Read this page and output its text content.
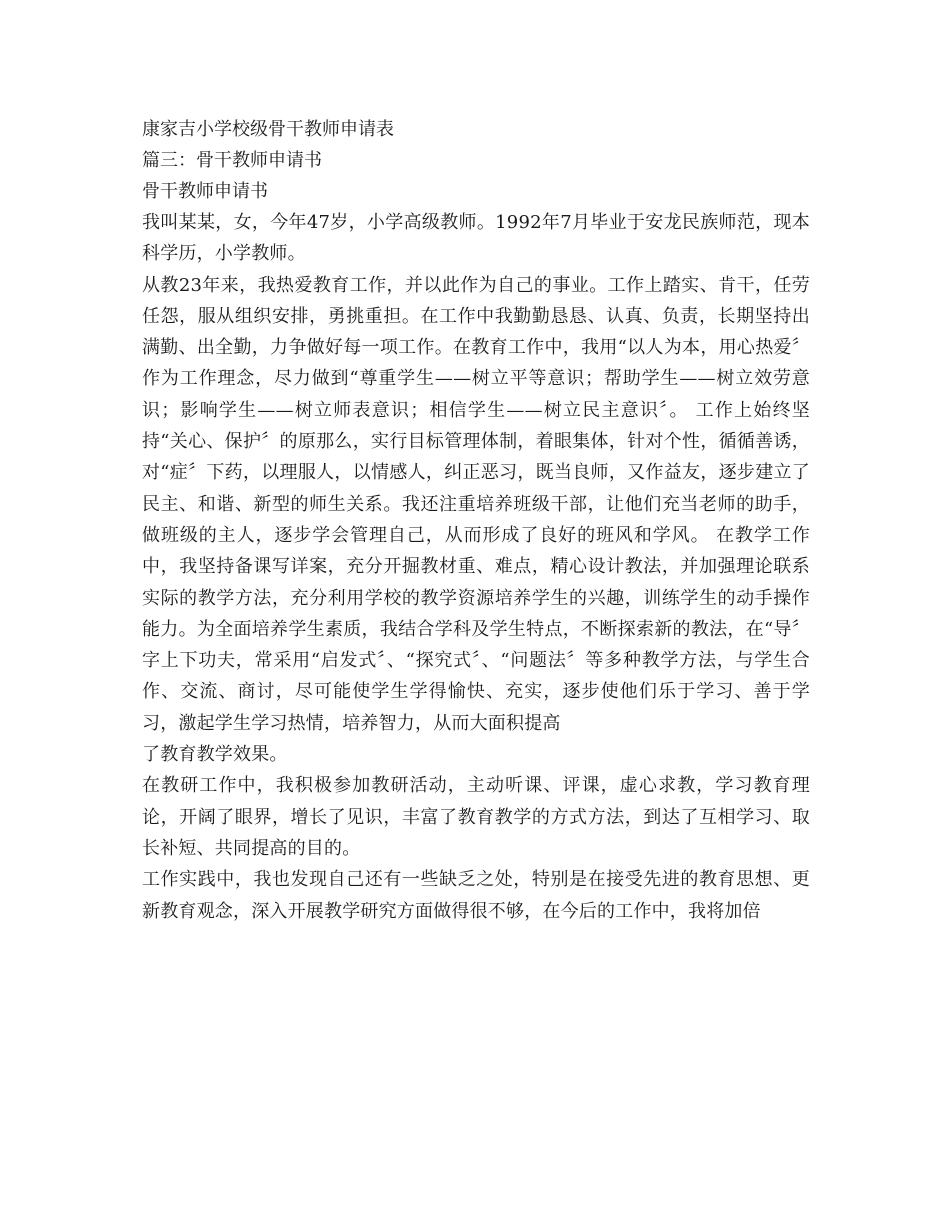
康家吉小学校级骨干教师申请表
篇三：骨干教师申请书
骨干教师申请书
我叫某某，女，今年47岁，小学高级教师。1992年7月毕业于安龙民族师范，现本科学历，小学教师。
从教23年来，我热爱教育工作，并以此作为自己的事业。工作上踏实、肯干，任劳任怨，服从组织安排，勇挑重担。在工作中我勤勤恳恳、认真、负责，长期坚持出满勤、出全勤，力争做好每一项工作。在教育工作中，我用“以人为本，用心热爱〞作为工作理念，尽力做到“尊重学生——树立平等意识；帮助学生——树立效劳意识；影响学生——树立师表意识；相信学生——树立民主意识〞。 工作上始终坚持“关心、保护〞的原那么，实行目标管理体制，着眼集体，针对个性，循循善诱，对“症〞下药，以理服人，以情感人，纠正恶习，既当良师，又作益友，逐步建立了民主、和谐、新型的师生关系。我还注重培养班级干部，让他们充当老师的助手，做班级的主人，逐步学会管理自己，从而形成了良好的班风和学风。 在教学工作中，我坚持备课写详案，充分开掘教材重、难点，精心设计教法，并加强理论联系实际的教学方法，充分利用学校的教学资源培养学生的兴趣，训练学生的动手操作能力。为全面培养学生素质，我结合学科及学生特点，不断探索新的教法，在“导〞字上下功夫，常采用“启发式〞、“探究式〞、“问题法〞等多种教学方法，与学生合作、交流、商讨，尽可能使学生学得愉快、充实，逐步使他们乐于学习、善于学习，激起学生学习热情，培养智力，从而大面积提高
了教育教学效果。
在教研工作中，我积极参加教研活动，主动听课、评课，虚心求教，学习教育理论，开阔了眼界，增长了见识，丰富了教育教学的方式方法，到达了互相学习、取长补短、共同提高的目的。
工作实践中，我也发现自己还有一些缺乏之处，特别是在接受先进的教育思想、更新教育观念，深入开展教学研究方面做得很不够，在今后的工作中，我将加倍
